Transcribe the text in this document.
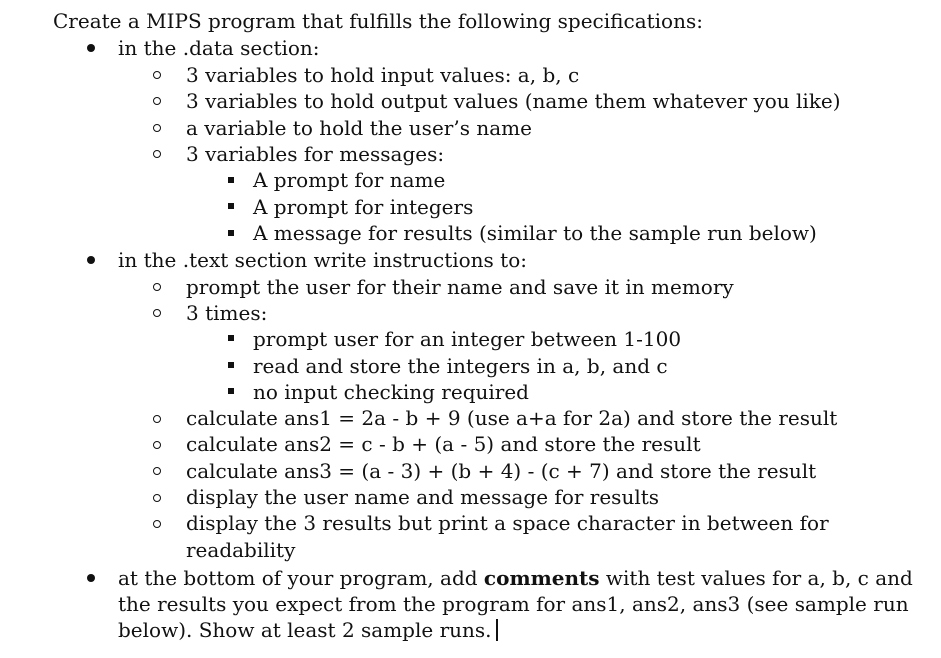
Create a MIPS program that fulfills the following specifications:
in the .data section:
3 variables to hold input values: a, b, c
3 variables to hold output values (name them whatever you like)
a variable to hold the user’s name
3 variables for messages:
A prompt for name
A prompt for integers
A message for results (similar to the sample run below)
in the .text section write instructions to:
prompt the user for their name and save it in memory
3 times:
prompt user for an integer between 1-100
read and store the integers in a, b, and c
no input checking required
calculate ans1 = 2a - b + 9 (use a+a for 2a) and store the result
calculate ans2 = c - b + (a - 5) and store the result
calculate ans3 = (a - 3) + (b + 4) - (c + 7) and store the result
display the user name and message for results
display the 3 results but print a space character in between for
readability
at the bottom of your program, add comments with test values for a, b, c and
the results you expect from the program for ans1, ans2, ans3 (see sample run
below). Show at least 2 sample runs.
